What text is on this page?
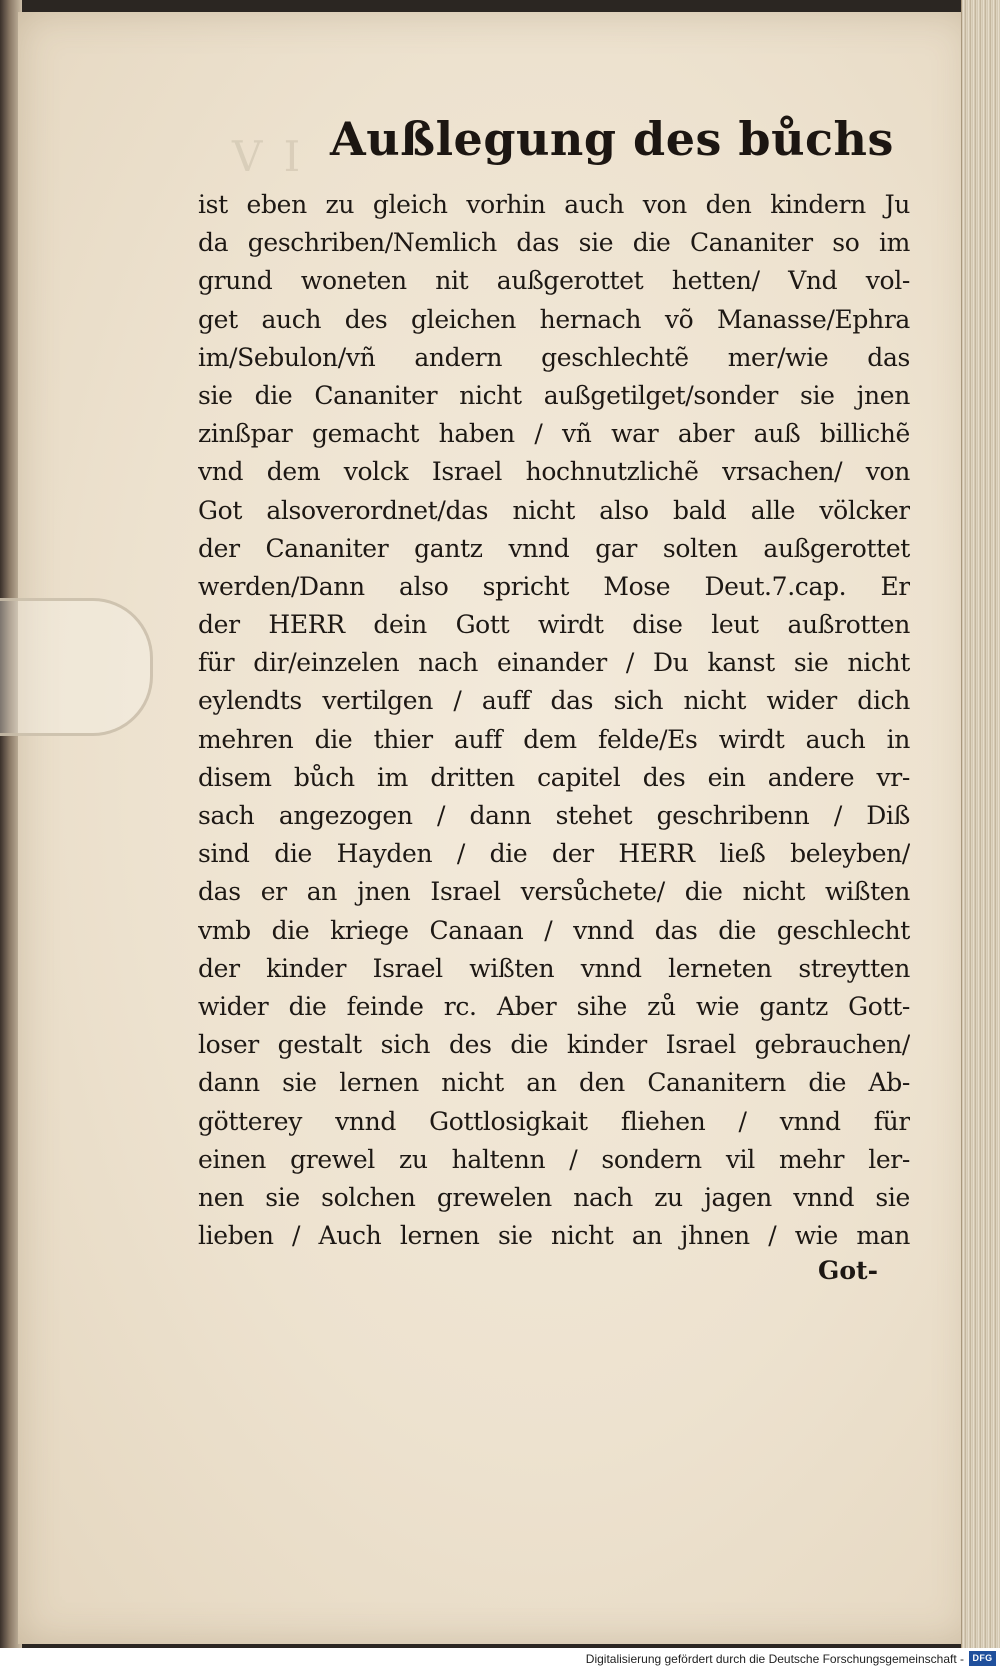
V I Außlegung des bůchs
ist eben zu gleich vorhin auch von den kindern Ju
da geschriben/Nemlich das sie die Cananiter so im
grund woneten nit außgerottet hetten/ Vnd vol-
get auch des gleichen hernach võ Manasse/Ephra
im/Sebulon/vñ andern geschlechtẽ mer/wie das
sie die Cananiter nicht außgetilget/sonder sie jnen
zinßpar gemacht haben / vñ war aber auß billichẽ
vnd dem volck Israel hochnutzlichẽ vrsachen/ von
Got alsoverordnet/das nicht also bald alle völcker
der Cananiter gantz vnnd gar solten außgerottet
werden/Dann also spricht Mose Deut.7.cap. Er
der HERR dein Gott wirdt dise leut außrotten
für dir/einzelen nach einander / Du kanst sie nicht
eylendts vertilgen / auff das sich nicht wider dich
mehren die thier auff dem felde/Es wirdt auch in
disem bůch im dritten capitel des ein andere vr-
sach angezogen / dann stehet geschribenn / Diß
sind die Hayden / die der HERR ließ beleyben/
das er an jnen Israel versůchete/ die nicht wißten
vmb die kriege Canaan / vnnd das die geschlecht
der kinder Israel wißten vnnd lerneten streytten
wider die feinde rc. Aber sihe zů wie gantz Gott-
loser gestalt sich des die kinder Israel gebrauchen/
dann sie lernen nicht an den Cananitern die Ab-
götterey vnnd Gottlosigkait fliehen / vnnd für
einen grewel zu haltenn / sondern vil mehr ler-
nen sie solchen grewelen nach zu jagen vnnd sie
lieben / Auch lernen sie nicht an jhnen / wie man
Got-
Digitalisierung gefördert durch die Deutsche Forschungsgemeinschaft - DFG
